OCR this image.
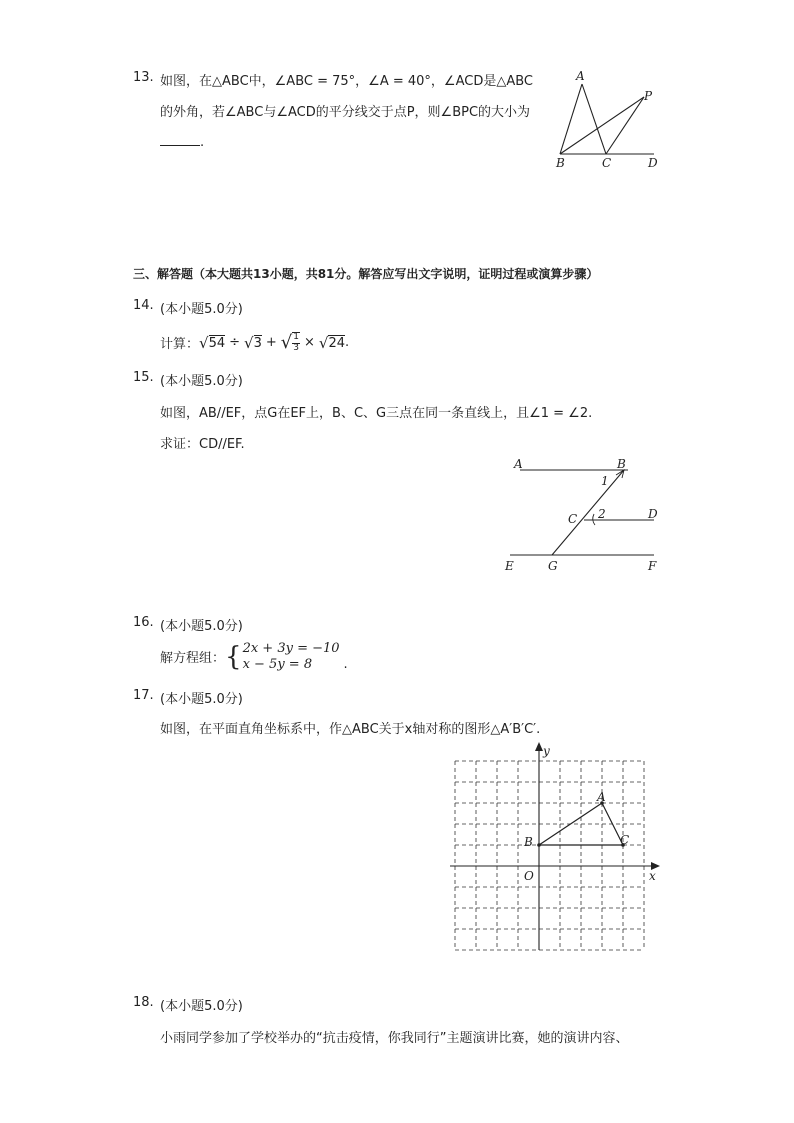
13. 如图，在△ABC中，∠ABC = 75°，∠A = 40°，∠ACD是△ABC
的外角，若∠ABC与∠ACD的平分线交于点P，则∠BPC的大小为
.
A
P
B	C	D
三、解答题（本大题共13小题，共81分。解答应写出文字说明，证明过程或演算步骤）
14. (本小题5.0分)
计算： √ 54 ÷ √ 3 + √ $\frac{1}{3}$ × √ 24 .
15. (本小题5.0分)
如图，AB//EF，点G在EF上，B、C、G三点在同一条直线上，且∠1 = ∠2.
求证：CD//EF.
A	B
1
C 2	D
E	G	F
16. (本小题5.0分)
解方程组： { 2x + 3y = −10
x − 5y = 8	.
17. (本小题5.0分)
如图，在平面直角坐标系中，作△ABC关于x轴对称的图形△A′B′C′.
y
x
O
A
B	C
18. (本小题5.0分)
小雨同学参加了学校举办的“抗击疫情，你我同行”主题演讲比赛，她的演讲内容、
